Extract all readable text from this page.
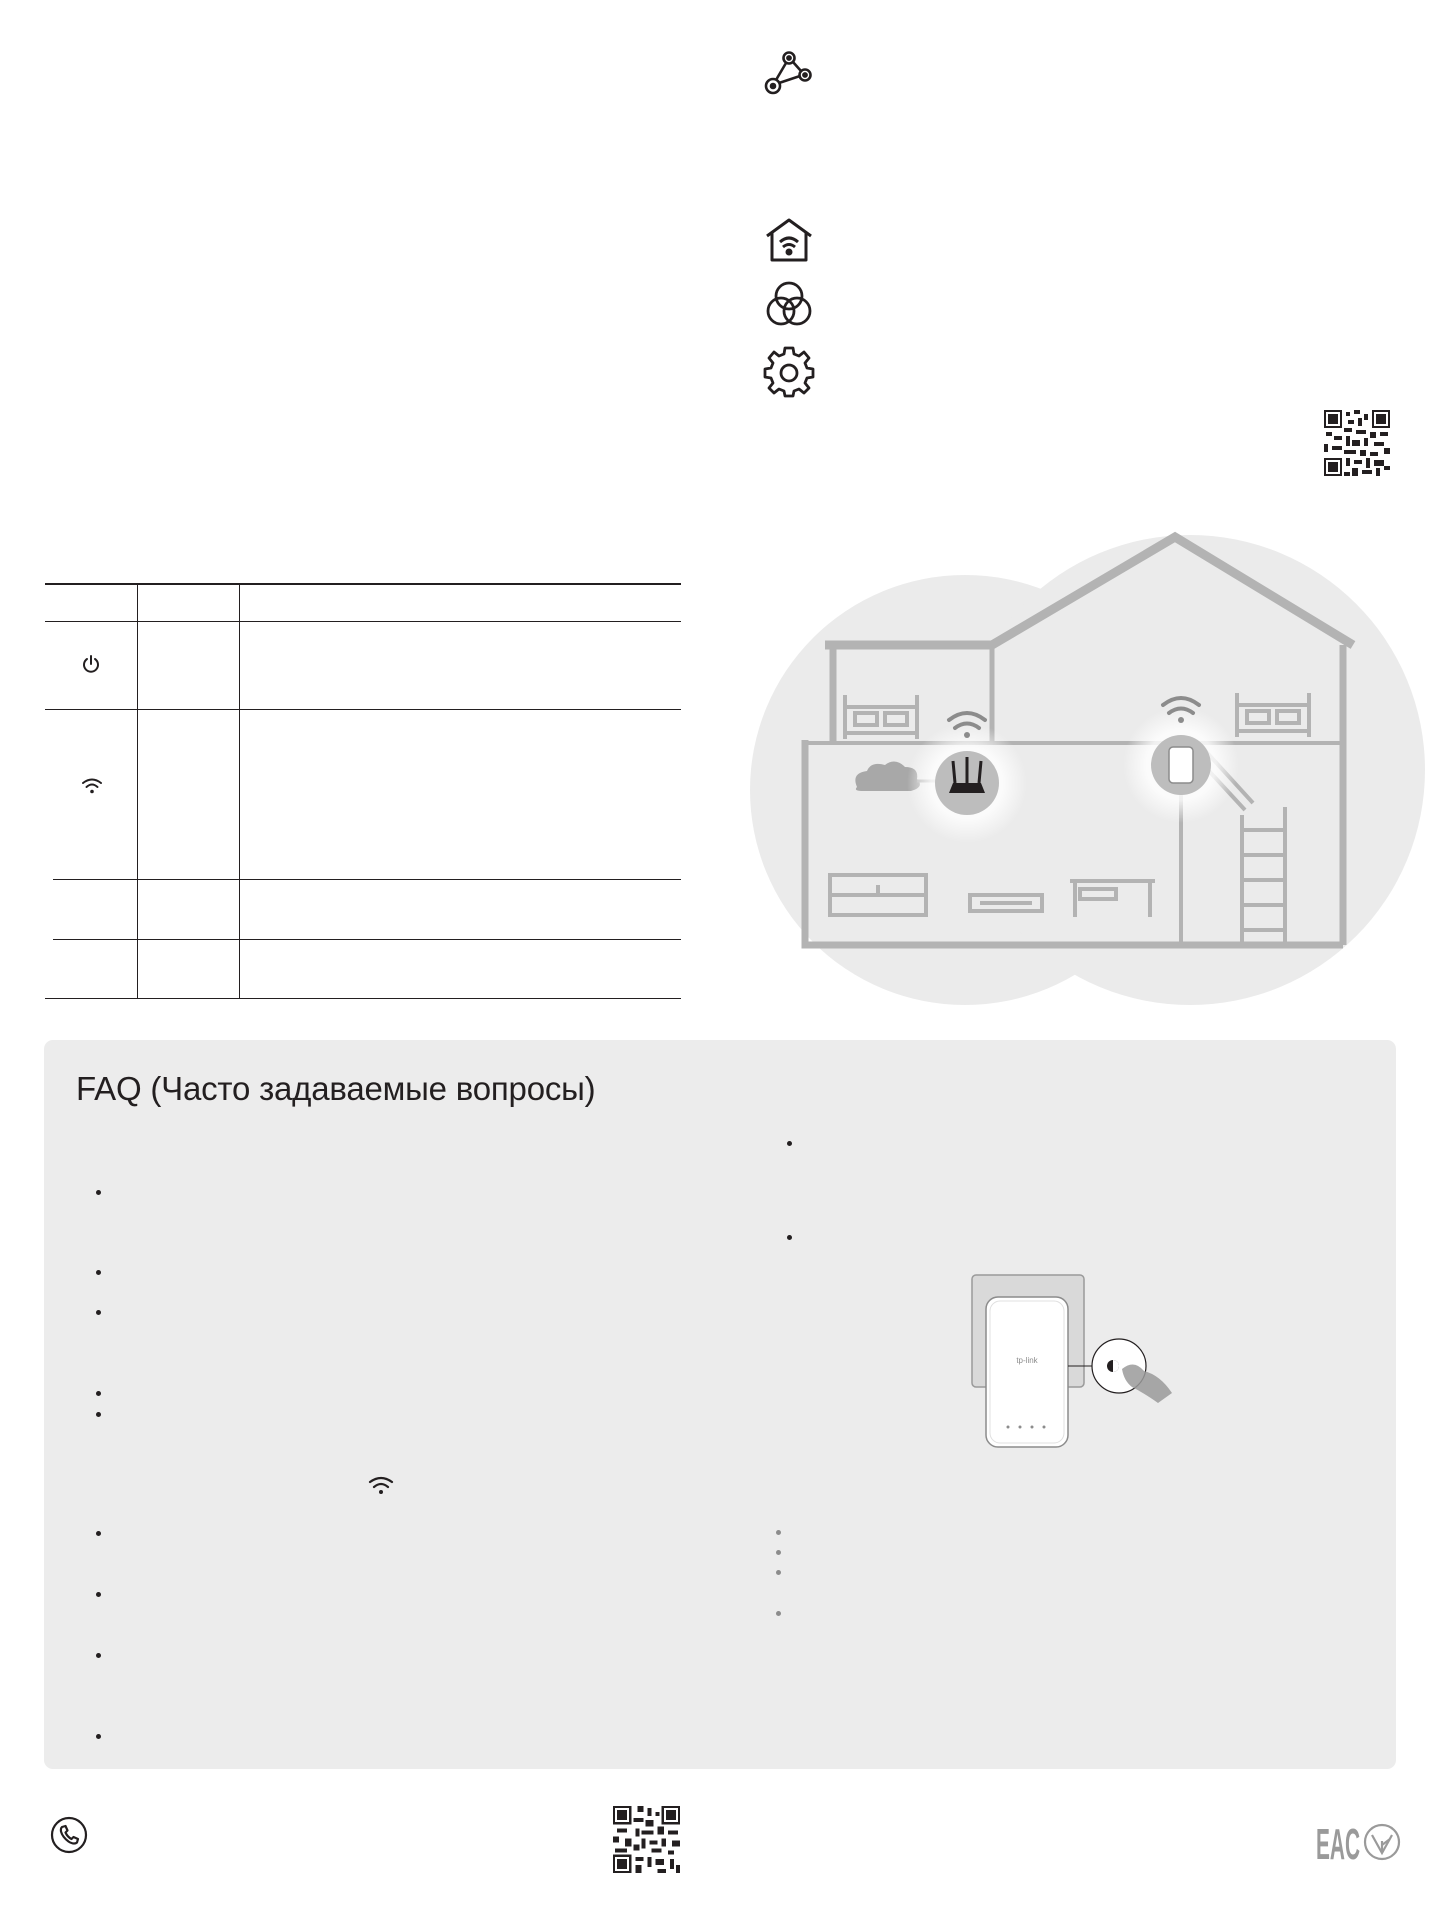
FAQ (Часто задаваемые вопросы)
tp-link
EAC
